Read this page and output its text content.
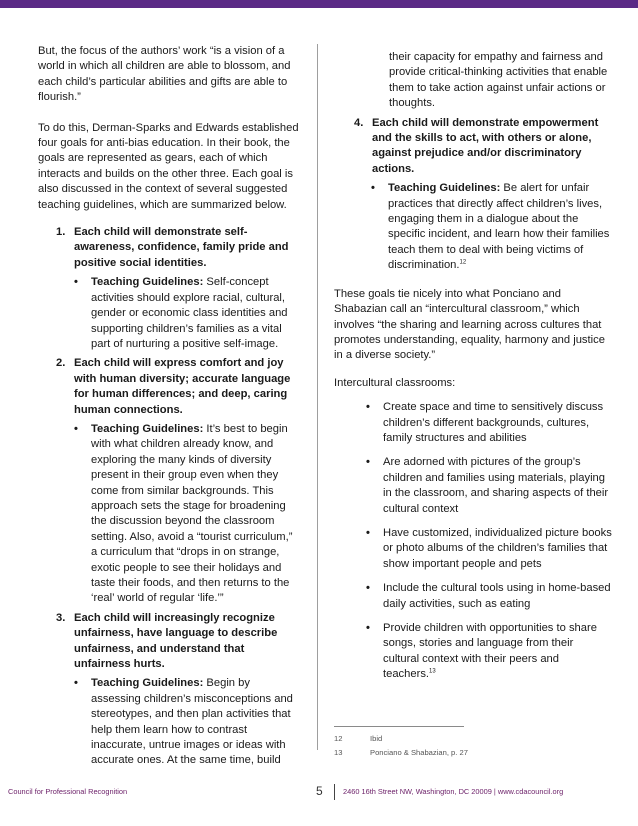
But, the focus of the authors’ work “is a vision of a world in which all children are able to blossom, and each child’s particular abilities and gifts are able to flourish.”

To do this, Derman-Sparks and Edwards established four goals for anti-bias education. In their book, the goals are represented as gears, each of which interacts and builds on the other three. Each goal is also discussed in the context of several suggested teaching guidelines, which are summarized below.

1. Each child will demonstrate self-awareness, confidence, family pride and positive social identities.
•	Teaching Guidelines: Self-concept activities should explore racial, cultural, gender or economic class identities and supporting children’s families as a vital part of nurturing a positive self-image.
2. Each child will express comfort and joy with human diversity; accurate language for human differences; and deep, caring human connections.
•	Teaching Guidelines: It’s best to begin with what children already know, and exploring the many kinds of diversity present in their group even when they come from similar backgrounds. This approach sets the stage for broadening the discussion beyond the classroom setting. Also, avoid a “tourist curriculum,” a curriculum that “drops in on strange, exotic people to see their holidays and taste their foods, and then returns to the ‘real’ world of regular ‘life.’”
3. Each child will increasingly recognize unfairness, have language to describe unfairness, and understand that unfairness hurts.
•	Teaching Guidelines: Begin by assessing children’s misconceptions and stereotypes, and then plan activities that help them learn how to contrast inaccurate, untrue images or ideas with accurate ones. At the same time, build

their capacity for empathy and fairness and provide critical-thinking activities that enable them to take action against unfair actions or thoughts.

4. Each child will demonstrate empowerment and the skills to act, with others or alone, against prejudice and/or discriminatory actions.
•	Teaching Guidelines: Be alert for unfair practices that directly affect children’s lives, engaging them in a dialogue about the specific incident, and learn how their families teach them to deal with being victims of discrimination.$^{12}$

These goals tie nicely into what Ponciano and Shabazian call an “intercultural classroom,” which involves “the sharing and learning across cultures that promotes understanding, equality, harmony and justice in a diverse society.”

Intercultural classrooms:

•	Create space and time to sensitively discuss children’s different backgrounds, cultures, family structures and abilities
•	Are adorned with pictures of the group’s children and families using materials, playing in the classroom, and sharing aspects of their cultural context
•	Have customized, individualized picture books or photo albums of the children’s families that show important people and pets
•	Include the cultural tools using in home-based daily activities, such as eating
•	Provide children with opportunities to share songs, stories and language from their cultural context with their peers and teachers.$^{13}$
12	Ibid
13	Ponciano & Shabazian, p. 27
Council for Professional Recognition	5	2460 16th Street NW, Washington, DC 20009 | www.cdacouncil.org
